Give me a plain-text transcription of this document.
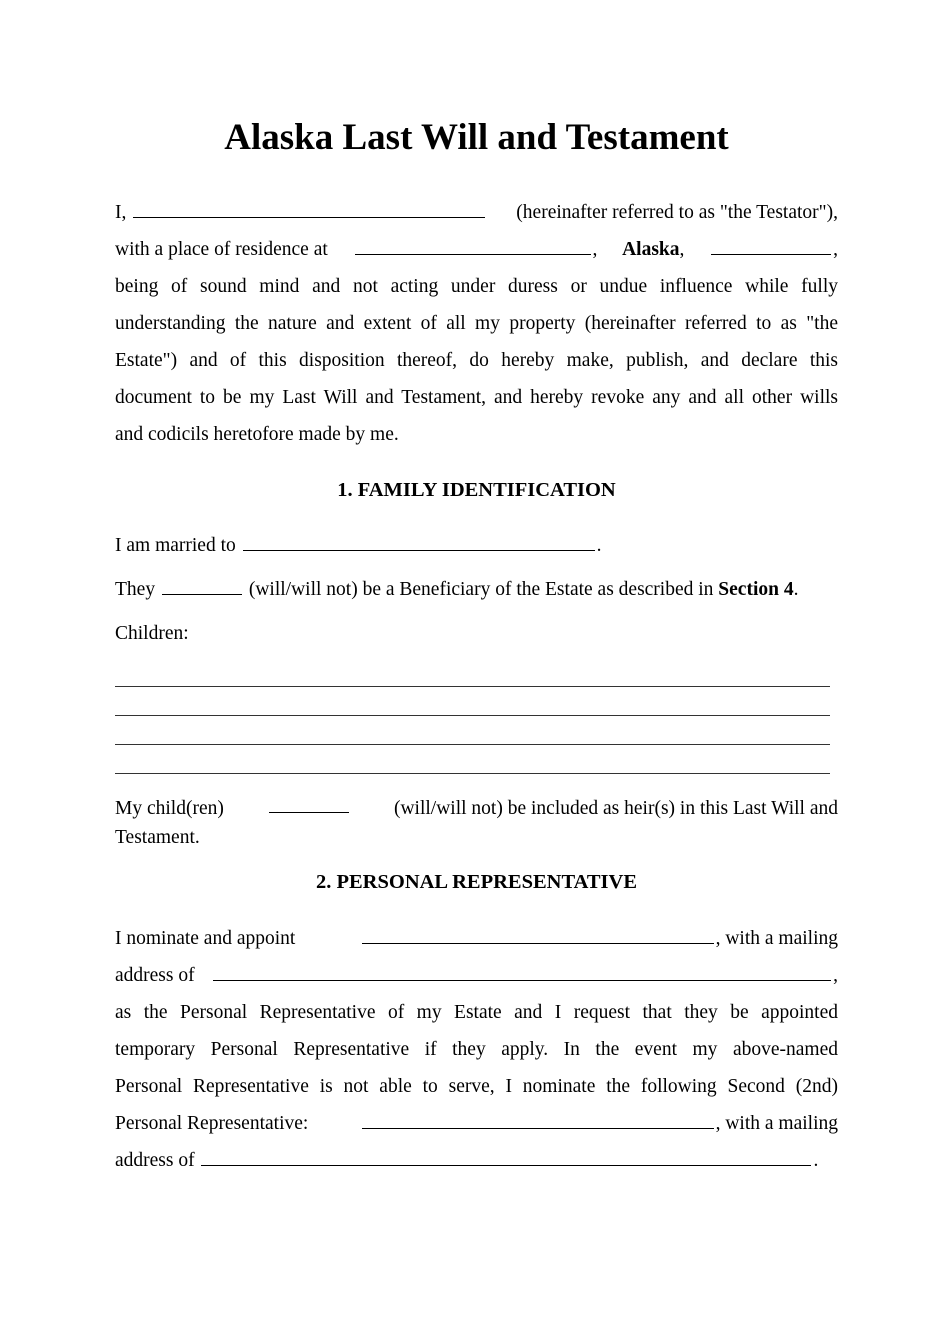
Alaska Last Will and Testament
I,	(hereinafter referred to as "the Testator"),
with a place of residence at	, Alaska,	,
being of sound mind and not acting under duress or undue influence while fully
understanding the nature and extent of all my property (hereinafter referred to as "the
Estate") and of this disposition thereof, do hereby make, publish, and declare this
document to be my Last Will and Testament, and hereby revoke any and all other wills
and codicils heretofore made by me.
1. FAMILY IDENTIFICATION

I am married to	.

They	(will/will not) be a Beneficiary of the Estate as described in Section 4.

Children:

My child(ren)	(will/will not) be included as heir(s) in this Last Will and
Testament.
2. PERSONAL REPRESENTATIVE
I nominate and appoint	, with a mailing
address of	,
as the Personal Representative of my Estate and I request that they be appointed
temporary Personal Representative if they apply. In the event my above-named
Personal Representative is not able to serve, I nominate the following Second (2nd)
Personal Representative:	, with a mailing
address of	.
